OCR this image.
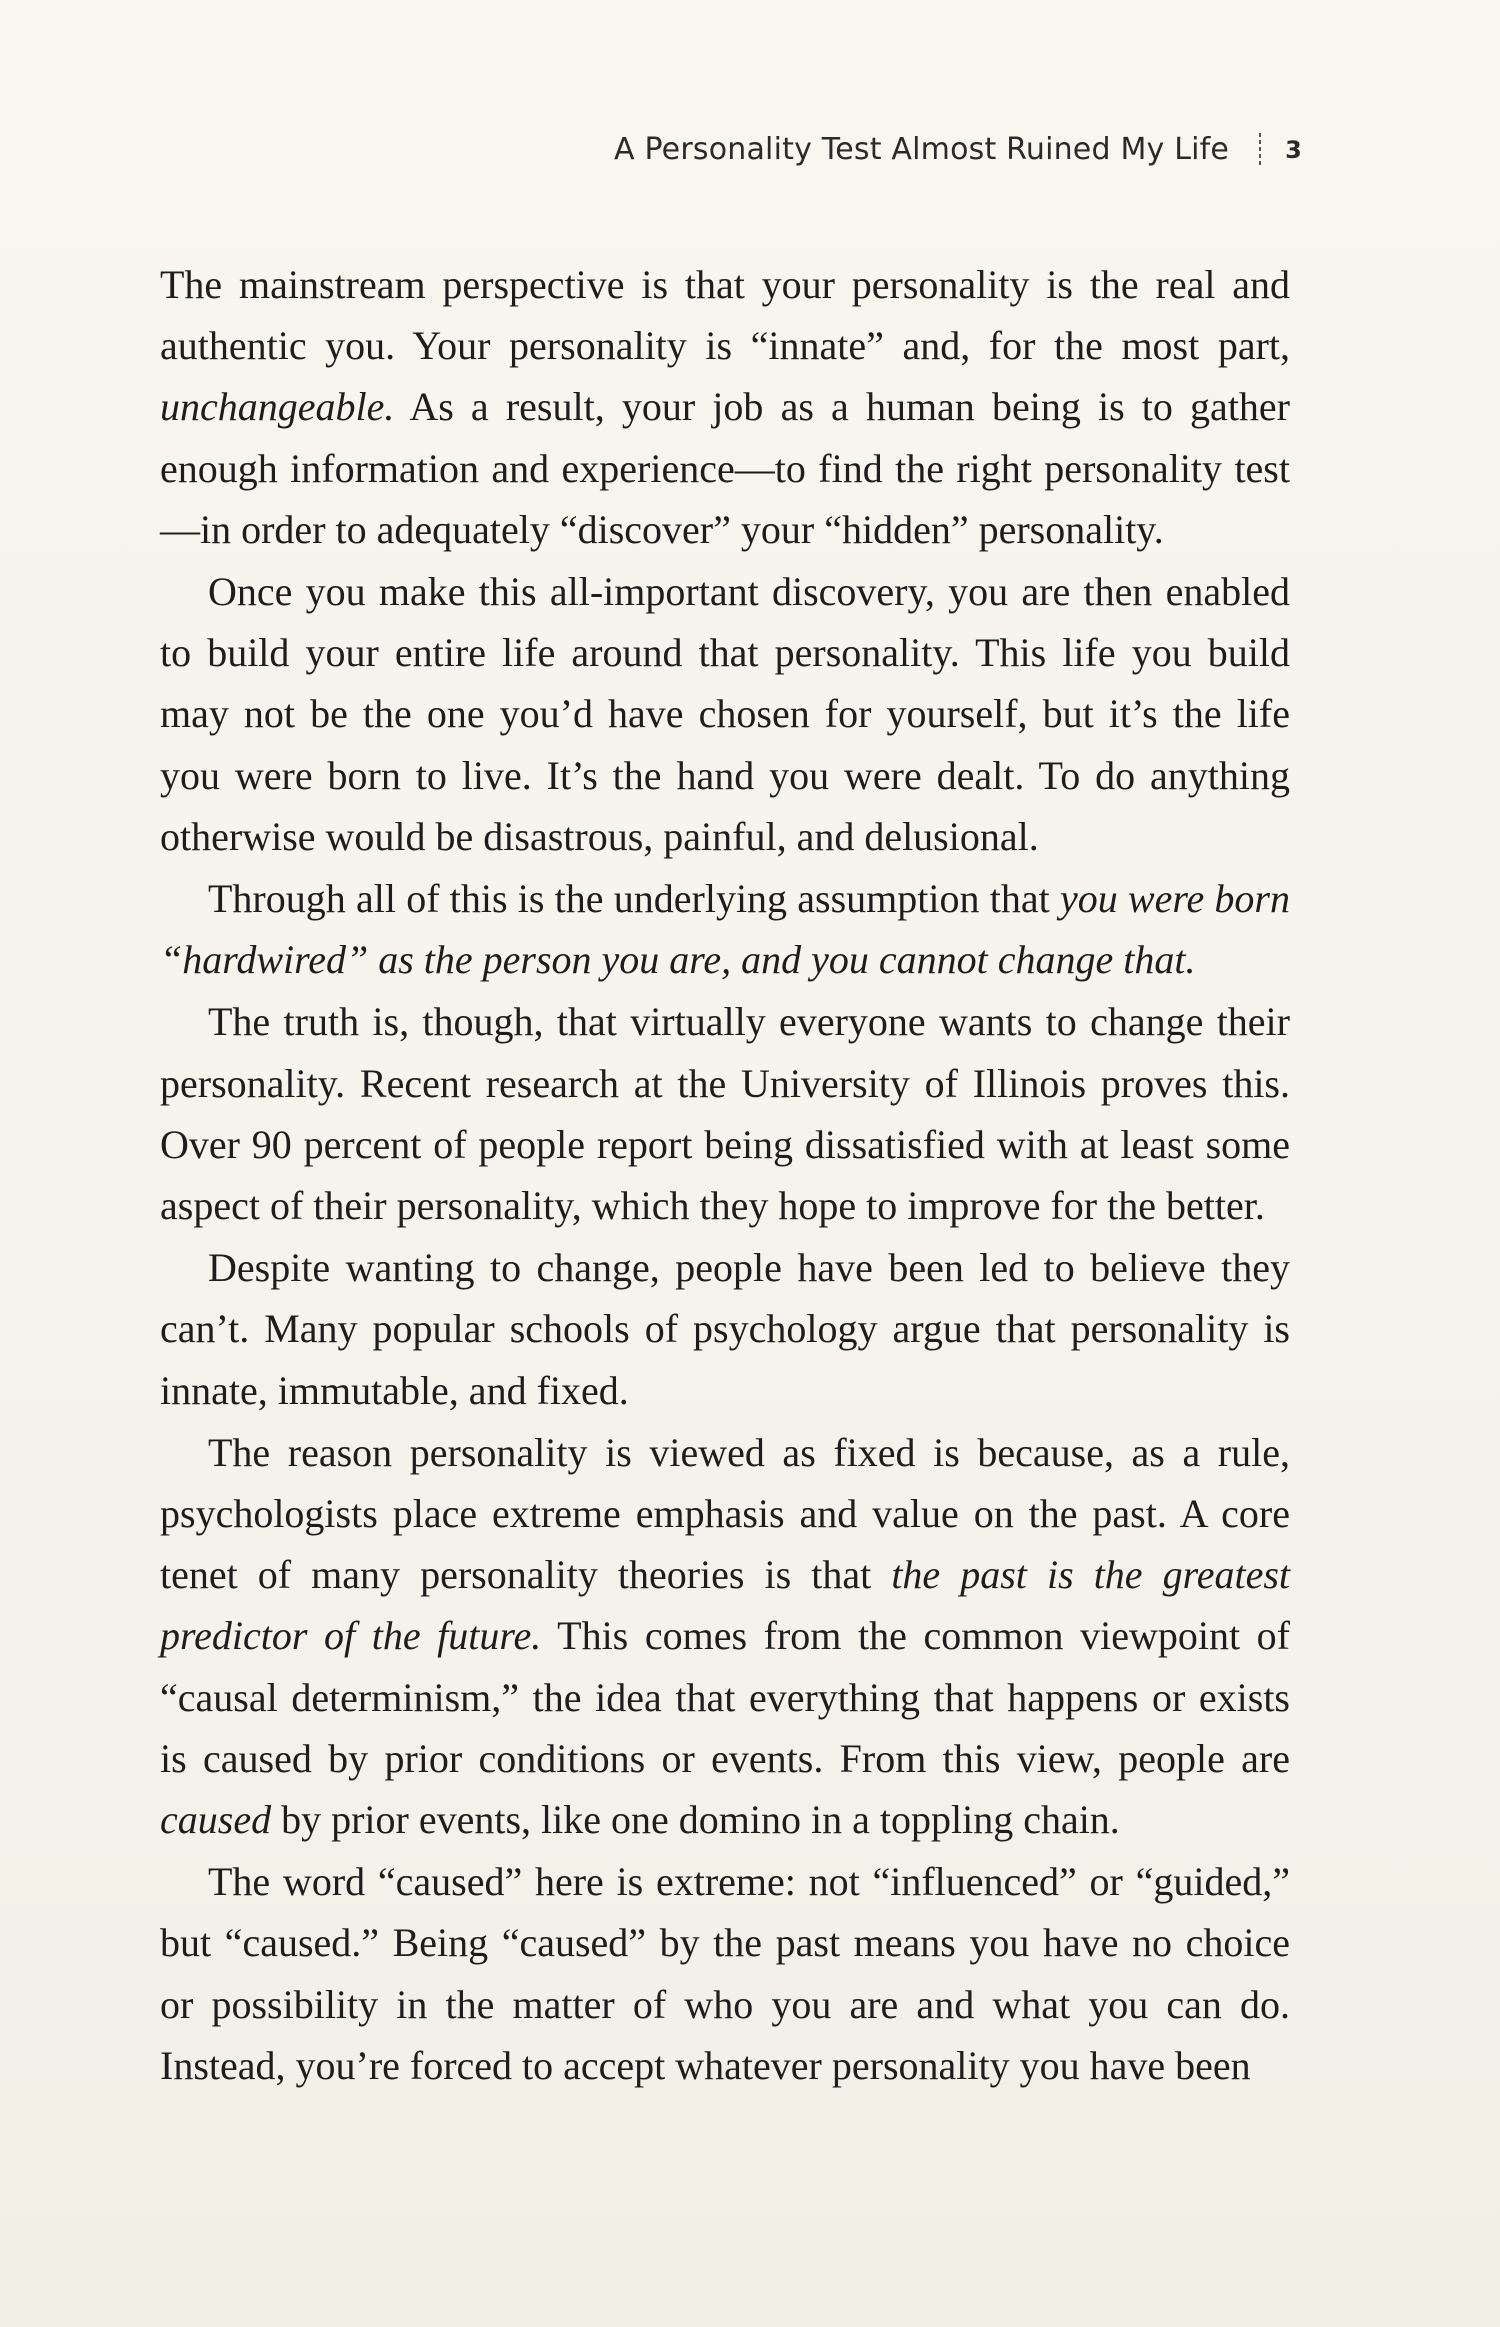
A Personality Test Almost Ruined My Life 3

The mainstream perspective is that your personality is the real and authentic you. Your personality is “innate” and, for the most part, unchangeable. As a result, your job as a human being is to gather enough information and experience—to find the right personality test—in order to adequately “discover” your “hidden” personality.

Once you make this all-important discovery, you are then enabled to build your entire life around that personality. This life you build may not be the one you’d have chosen for yourself, but it’s the life you were born to live. It’s the hand you were dealt. To do anything otherwise would be disastrous, painful, and delusional.

Through all of this is the underlying assumption that you were born “hardwired” as the person you are, and you cannot change that.

The truth is, though, that virtually everyone wants to change their personality. Recent research at the University of Illinois proves this. Over 90 percent of people report being dissatisfied with at least some aspect of their personality, which they hope to improve for the better.

Despite wanting to change, people have been led to believe they can’t. Many popular schools of psychology argue that personality is innate, immutable, and fixed.

The reason personality is viewed as fixed is because, as a rule, psychologists place extreme emphasis and value on the past. A core tenet of many personality theories is that the past is the greatest predictor of the future. This comes from the common viewpoint of “causal determinism,” the idea that everything that happens or exists is caused by prior conditions or events. From this view, people are caused by prior events, like one domino in a toppling chain.

The word “caused” here is extreme: not “influenced” or “guided,” but “caused.” Being “caused” by the past means you have no choice or possibility in the matter of who you are and what you can do. Instead, you’re forced to accept whatever personality you have been
